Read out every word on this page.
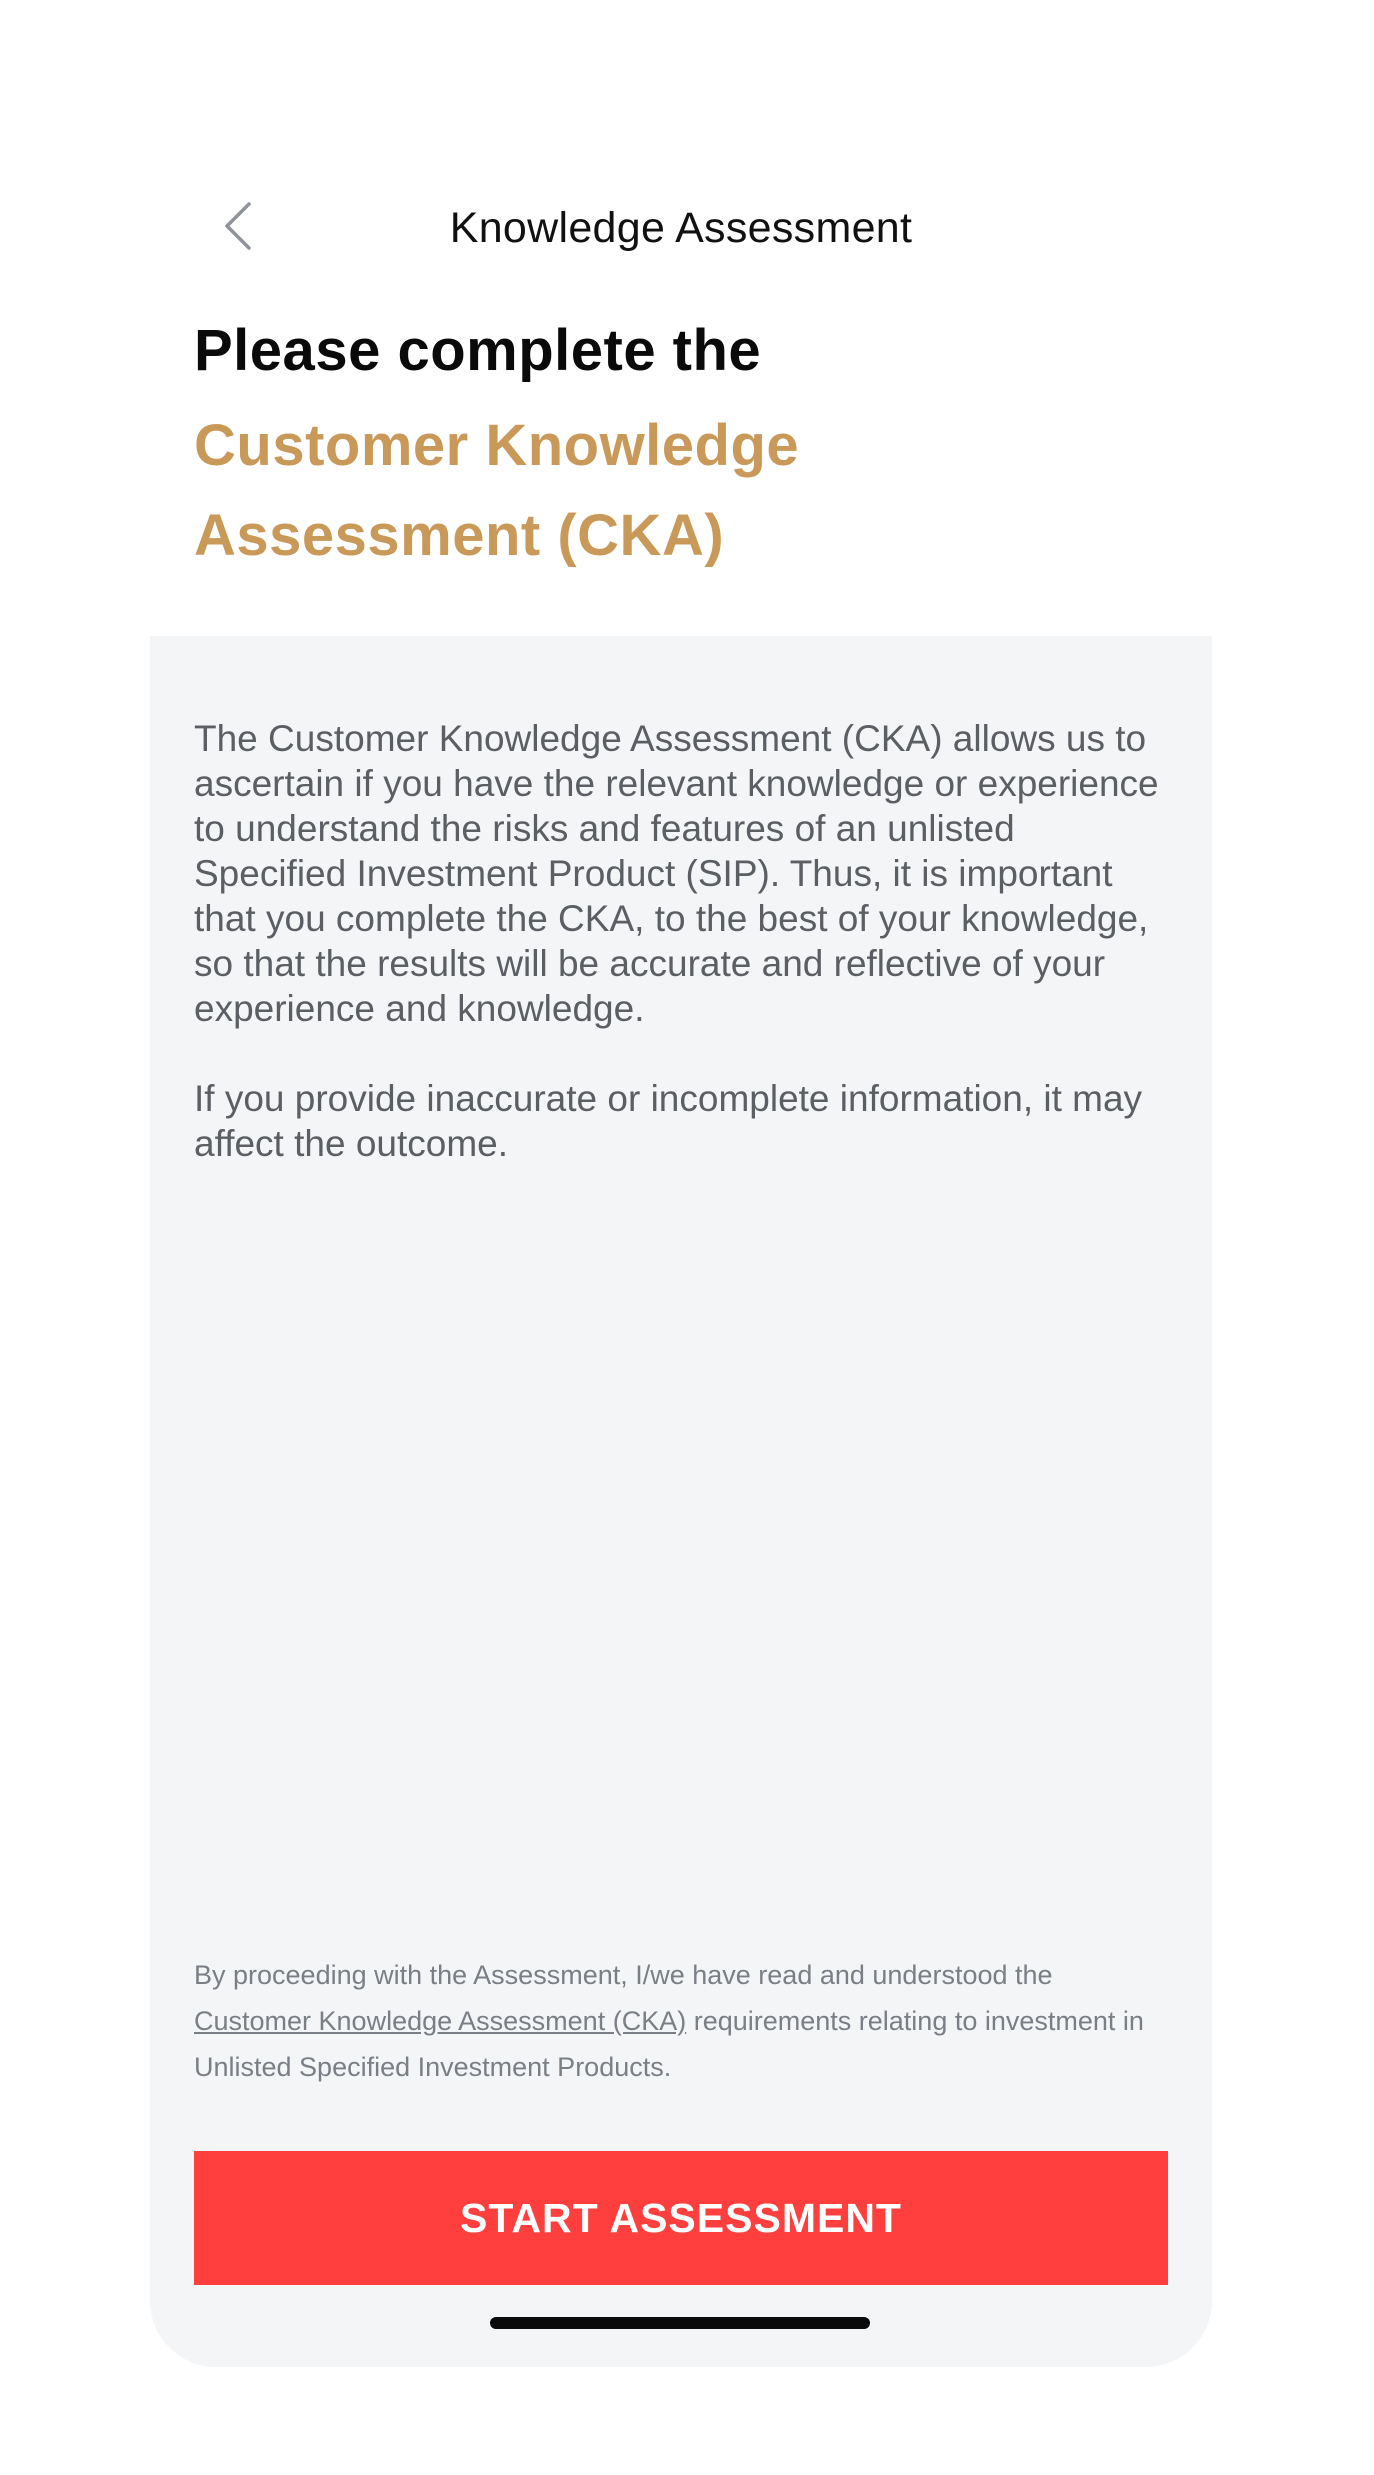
Knowledge Assessment
Please complete the
Customer Knowledge Assessment (CKA)

The Customer Knowledge Assessment (CKA) allows us to ascertain if you have the relevant knowledge or experience to understand the risks and features of an unlisted Specified Investment Product (SIP). Thus, it is important that you complete the CKA, to the best of your knowledge, so that the results will be accurate and reflective of your experience and knowledge.

If you provide inaccurate or incomplete information, it may affect the outcome.

By proceeding with the Assessment, I/we have read and understood the Customer Knowledge Assessment (CKA) requirements relating to investment in Unlisted Specified Investment Products.
START ASSESSMENT
